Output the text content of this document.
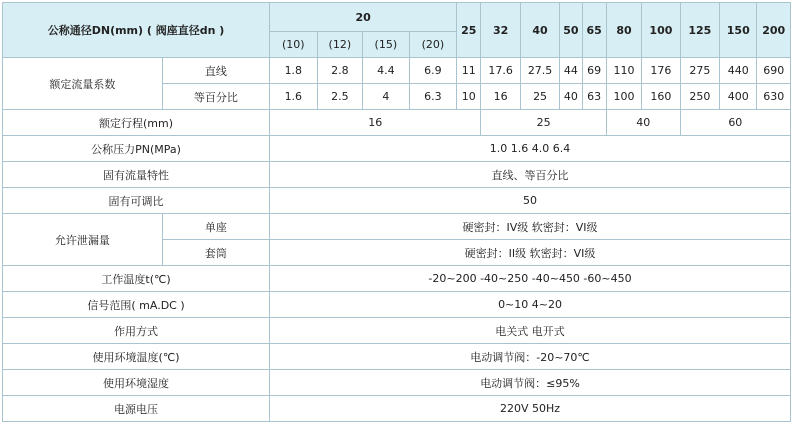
公称通径DN(mm) ( 阀座直径dn )		20				25	32	40	50	65	80	100	125	150	200
		(10)	(12)	(15)	(20)										
额定流量系数	直线	1.8	2.8	4.4	6.9	11	17.6	27.5	44	69	110	176	275	440	690
	等百分比	1.6	2.5	4	6.3	10	16	25	40	63	100	160	250	400	630
额定行程(mm)		16					25				40		60		
公称压力PN(MPa)		1.0 1.6 4.0 6.4													
固有流量特性		直线、等百分比													
固有可调比		50													
允许泄漏量	单座	硬密封：IV级 软密封：VI级													
	套筒	硬密封：II级 软密封：VI级													
工作温度t(℃)		-20~200 -40~250 -40~450 -60~450													
信号范围( mA.DC )		0~10 4~20													
作用方式		电关式 电开式													
使用环境温度(℃)		电动调节阀：-20~70℃													
使用环境湿度		电动调节阀：≤95%													
电源电压		220V 50Hz													
